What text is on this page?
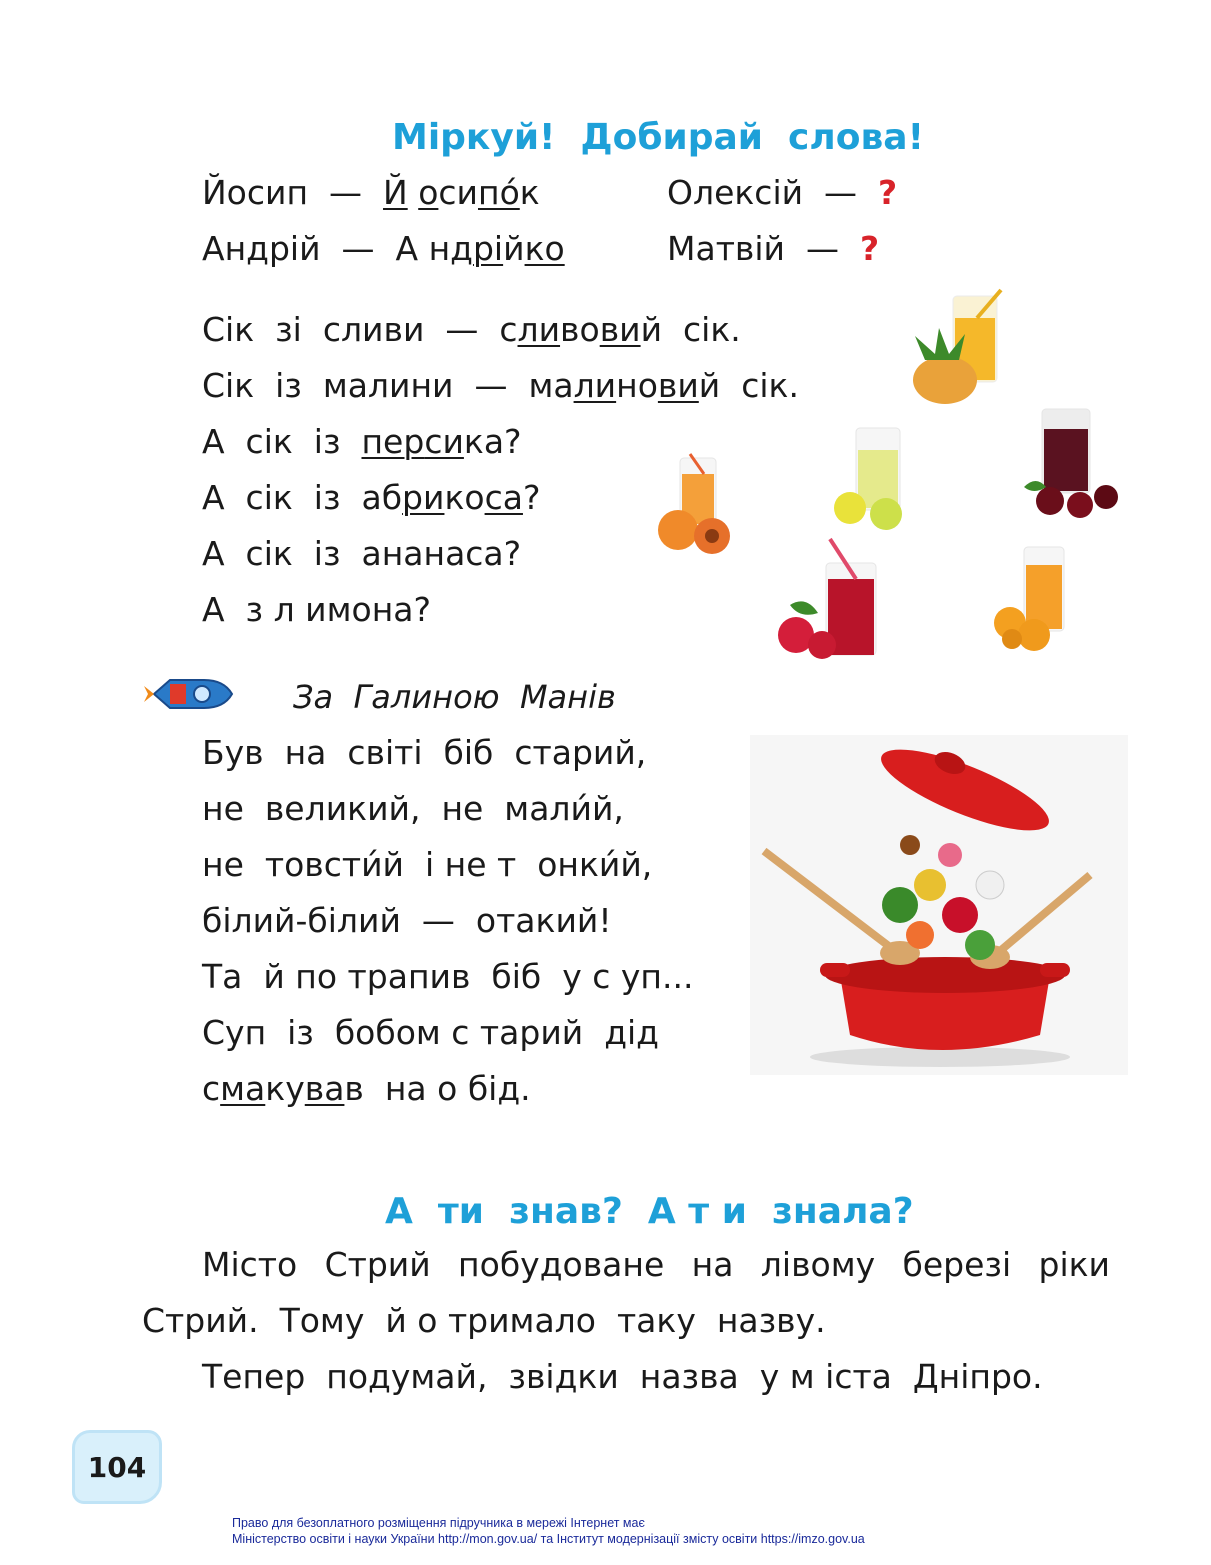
Міркуй!  Добирай  слова!
Йосип — Й осипо́к
Андрій — А ндрійко
Олексій  — ?
Матвій  — ?
Сік  зі  сливи  —  сливовий  сік.
Сік  із  малини  —  малиновий  сік.
А  сік  із  персика?
А  сік  із  абрикоса?
А  сік  із  ананаса?
А  з л имона?
За  Галиною  Манів
Був  на  світі  біб  старий,
не  великий,  не  мали́й,
не  товсти́й  і не т  онки́й,
білий-білий  —  отакий!
Та  й по трапив  біб  у с уп...
Суп  із  бобом с тарий  дід
смакував  на о бід.
А  ти  знав?  А т и  знала?
Місто Стрий побудоване на лівому березі ріки
Стрий.  Тому  й о тримало  таку  назву.
Тепер  подумай,  звідки  назва  у м іста  Дніпро.
104
Право для безоплатного розміщення підручника в мережі Інтернет має
Міністерство освіти і науки України http://mon.gov.ua/ та Інститут модернізації змісту освіти https://imzo.gov.ua
